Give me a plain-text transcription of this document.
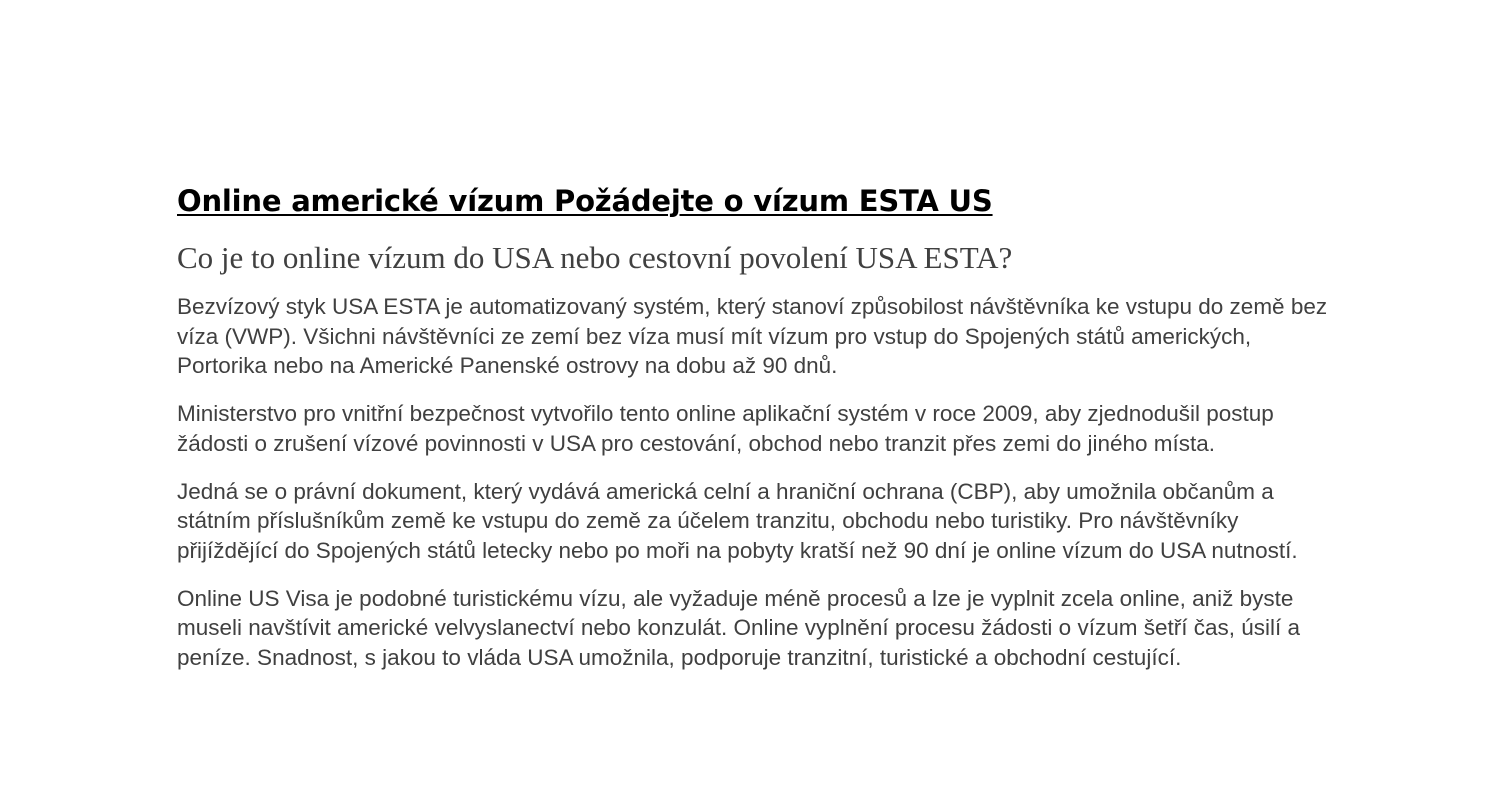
Online americké vízum Požádejte o vízum ESTA US
Co je to online vízum do USA nebo cestovní povolení USA ESTA?

Bezvízový styk USA ESTA je automatizovaný systém, který stanoví způsobilost návštěvníka ke vstupu do země bez víza (VWP). Všichni návštěvníci ze zemí bez víza musí mít vízum pro vstup do Spojených států amerických, Portorika nebo na Americké Panenské ostrovy na dobu až 90 dnů.

Ministerstvo pro vnitřní bezpečnost vytvořilo tento online aplikační systém v roce 2009, aby zjednodušil postup žádosti o zrušení vízové povinnosti v USA pro cestování, obchod nebo tranzit přes zemi do jiného místa.

Jedná se o právní dokument, který vydává americká celní a hraniční ochrana (CBP), aby umožnila občanům a státním příslušníkům země ke vstupu do země za účelem tranzitu, obchodu nebo turistiky. Pro návštěvníky přijíždějící do Spojených států letecky nebo po moři na pobyty kratší než 90 dní je online vízum do USA nutností.

Online US Visa je podobné turistickému vízu, ale vyžaduje méně procesů a lze je vyplnit zcela online, aniž byste museli navštívit americké velvyslanectví nebo konzulát. Online vyplnění procesu žádosti o vízum šetří čas, úsilí a peníze. Snadnost, s jakou to vláda USA umožnila, podporuje tranzitní, turistické a obchodní cestující.
